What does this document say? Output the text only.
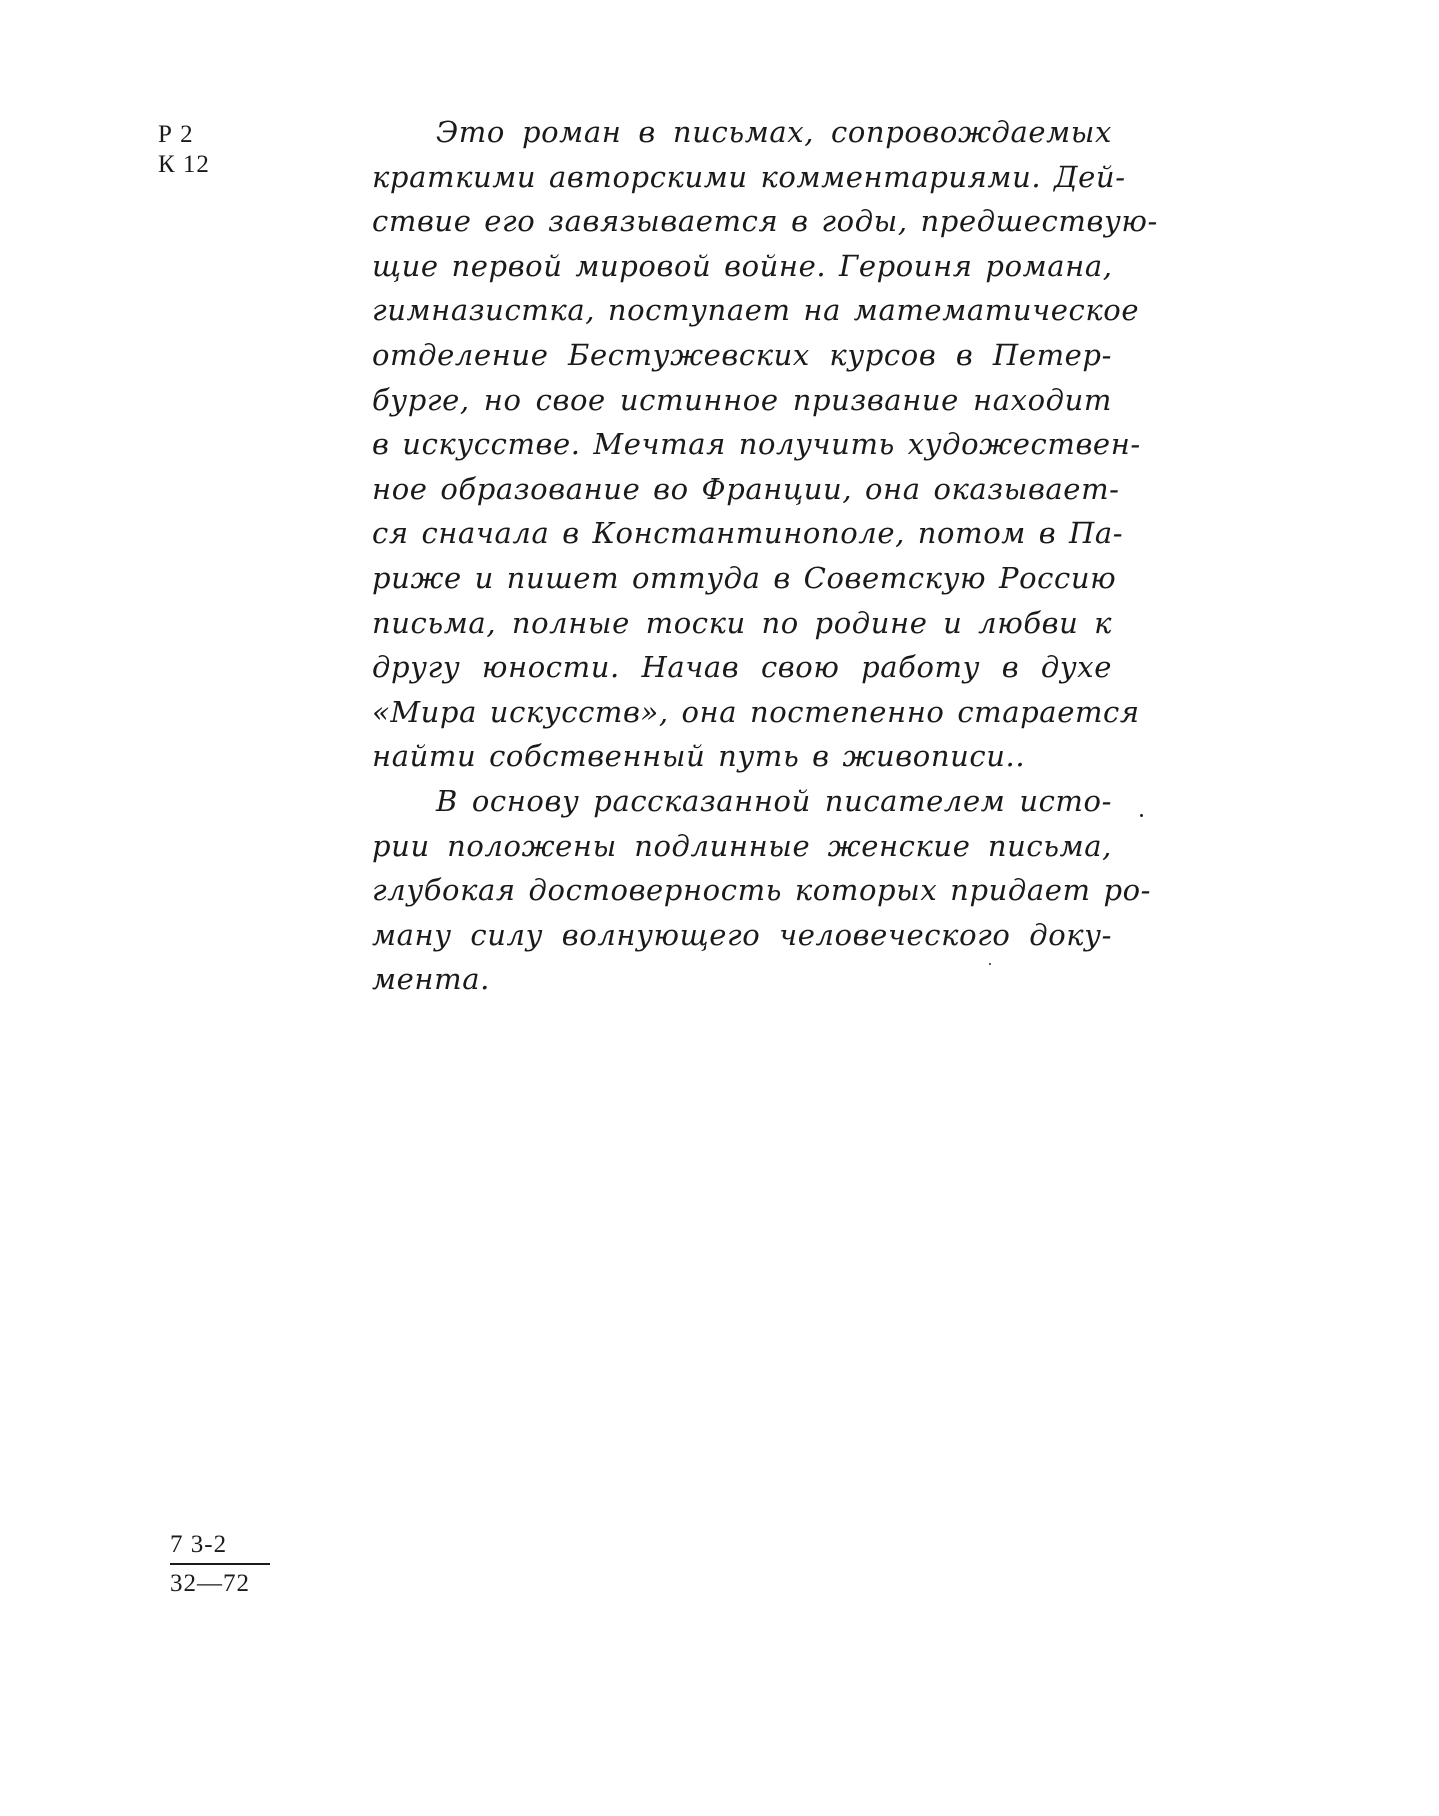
Р 2
К 12
Это роман в письмах, сопровождаемых
краткими авторскими комментариями. Дей-
ствие его завязывается в годы, предшествую-
щие первой мировой войне. Героиня романа,
гимназистка, поступает на математическое
отделение Бестужевских курсов в Петер-
бурге, но свое истинное призвание находит
в искусстве. Мечтая получить художествен-
ное образование во Франции, она оказывает-
ся сначала в Константинополе, потом в Па-
риже и пишет оттуда в Советскую Россию
письма, полные тоски по родине и любви к
другу юности. Начав свою работу в духе
«Мира искусств», она постепенно старается
найти собственный путь в живописи..
В основу рассказанной писателем исто-
рии положены подлинные женские письма,
глубокая достоверность которых придает ро-
ману силу волнующего человеческого доку-
мента.
$\frac{7 3-2}{32—72}$
